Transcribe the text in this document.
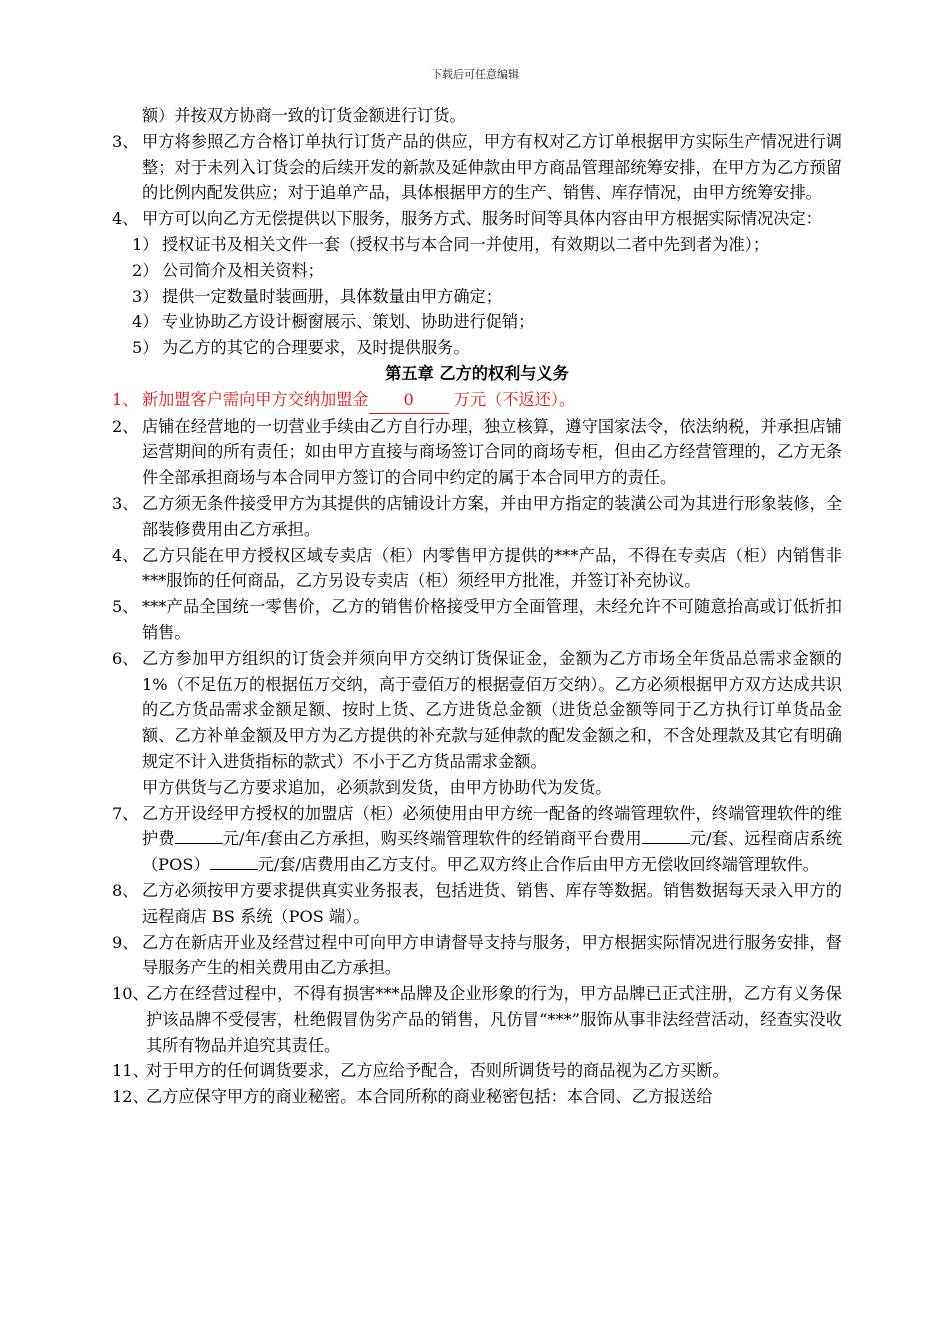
下载后可任意编辑

额）并按双方协商一致的订货金额进行订货。

3、 甲方将参照乙方合格订单执行订货产品的供应，甲方有权对乙方订单根据甲方实际生产情况进行调整；对于未列入订货会的后续开发的新款及延伸款由甲方商品管理部统筹安排，在甲方为乙方预留的比例内配发供应；对于追单产品，具体根据甲方的生产、销售、库存情况，由甲方统筹安排。

4、 甲方可以向乙方无偿提供以下服务，服务方式、服务时间等具体内容由甲方根据实际情况决定：

1） 授权证书及相关文件一套（授权书与本合同一并使用，有效期以二者中先到者为准）；

2） 公司简介及相关资料；

3） 提供一定数量时装画册，具体数量由甲方确定；

4） 专业协助乙方设计橱窗展示、策划、协助进行促销；

5） 为乙方的其它的合理要求，及时提供服务。

第五章 乙方的权利与义务

1、 新加盟客户需向甲方交纳加盟金 0 万元（不返还）。

2、 店铺在经营地的一切营业手续由乙方自行办理，独立核算，遵守国家法令，依法纳税，并承担店铺运营期间的所有责任；如由甲方直接与商场签订合同的商场专柜，但由乙方经营管理的，乙方无条件全部承担商场与本合同甲方签订的合同中约定的属于本合同甲方的责任。

3、 乙方须无条件接受甲方为其提供的店铺设计方案，并由甲方指定的装潢公司为其进行形象装修，全部装修费用由乙方承担。

4、 乙方只能在甲方授权区域专卖店（柜）内零售甲方提供的***产品，不得在专卖店（柜）内销售非***服饰的任何商品，乙方另设专卖店（柜）须经甲方批准，并签订补充协议。

5、 ***产品全国统一零售价，乙方的销售价格接受甲方全面管理，未经允许不可随意抬高或订低折扣销售。

6、 乙方参加甲方组织的订货会并须向甲方交纳订货保证金，金额为乙方市场全年货品总需求金额的 1%（不足伍万的根据伍万交纳，高于壹佰万的根据壹佰万交纳）。乙方必须根据甲方双方达成共识的乙方货品需求金额足额、按时上货、乙方进货总金额（进货总金额等同于乙方执行订单货品金额、乙方补单金额及甲方为乙方提供的补充款与延伸款的配发金额之和，不含处理款及其它有明确规定不计入进货指标的款式）不小于乙方货品需求金额。

甲方供货与乙方要求追加，必须款到发货，由甲方协助代为发货。

7、 乙方开设经甲方授权的加盟店（柜）必须使用由甲方统一配备的终端管理软件，终端管理软件的维护费	元/年/套由乙方承担，购买终端管理软件的经销商平台费用	元/套、远程商店系统（POS）	元/套/店费用由乙方支付。甲乙双方终止合作后由甲方无偿收回终端管理软件。

8、 乙方必须按甲方要求提供真实业务报表，包括进货、销售、库存等数据。销售数据每天录入甲方的远程商店 BS 系统（POS 端）。

9、 乙方在新店开业及经营过程中可向甲方申请督导支持与服务，甲方根据实际情况进行服务安排，督导服务产生的相关费用由乙方承担。

10、
乙方在经营过程中，不得有损害***品牌及企业形象的行为，甲方品牌已正式注册，乙方有义务保护该品牌不受侵害，杜绝假冒伪劣产品的销售，凡仿冒“***”服饰从事非法经营活动，经查实没收其所有物品并追究其责任。

11、
对于甲方的任何调货要求，乙方应给予配合，否则所调货号的商品视为乙方买断。

12、
乙方应保守甲方的商业秘密。本合同所称的商业秘密包括：本合同、乙方报送给
